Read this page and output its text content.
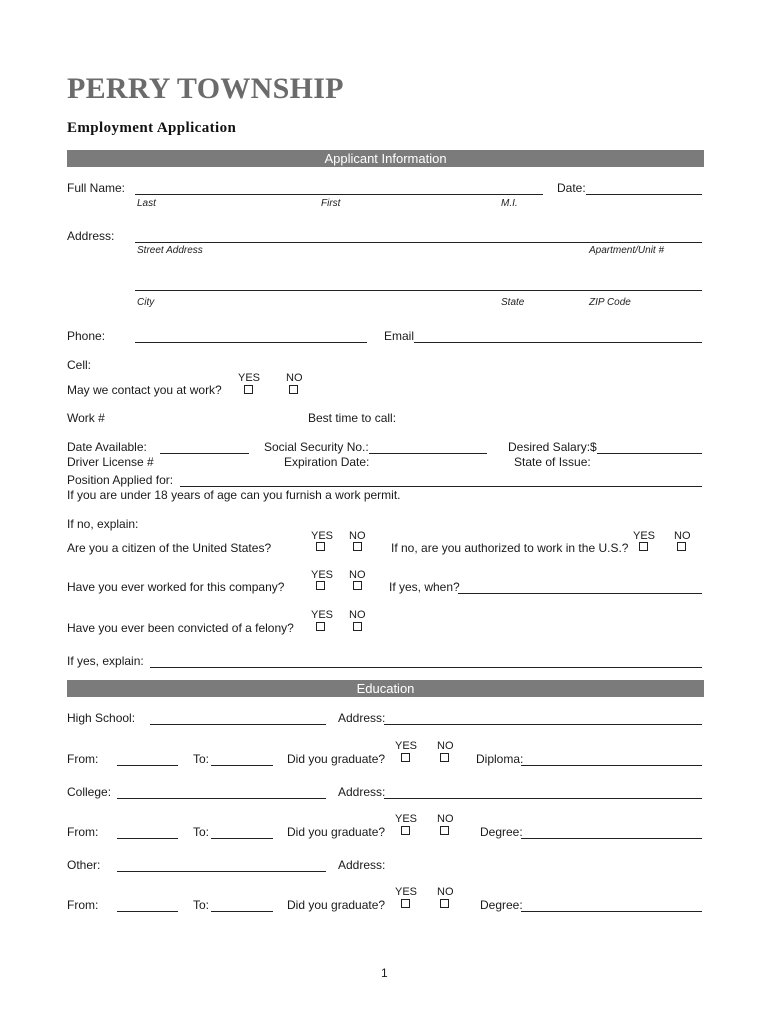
PERRY TOWNSHIP
Employment Application
Applicant Information
Full Name:	Date:
Last	First	M.I.
Address:
Street Address	Apartment/Unit #
City	State	ZIP Code
Phone:	Email
Cell:
YES NO
May we contact you at work?
Work #	Best time to call:
Date Available:	Social Security No.:	Desired Salary:$
Driver License #	Expiration Date:	State of Issue:
Position Applied for:
If you are under 18 years of age can you furnish a work permit.
If no, explain:
YES NO	YES NO
Are you a citizen of the United States?	If no, are you authorized to work in the U.S.?
YES NO
Have you ever worked for this company?	If yes, when?
YES NO
Have you ever been convicted of a felony?
If yes, explain:
Education
High School:	Address:
YES NO
From:	To:	Did you graduate?	Diploma:
College:	Address:
YES NO
From:	To:	Did you graduate?	Degree:
Other:	Address:
YES NO
From:	To:	Did you graduate?	Degree:
1
